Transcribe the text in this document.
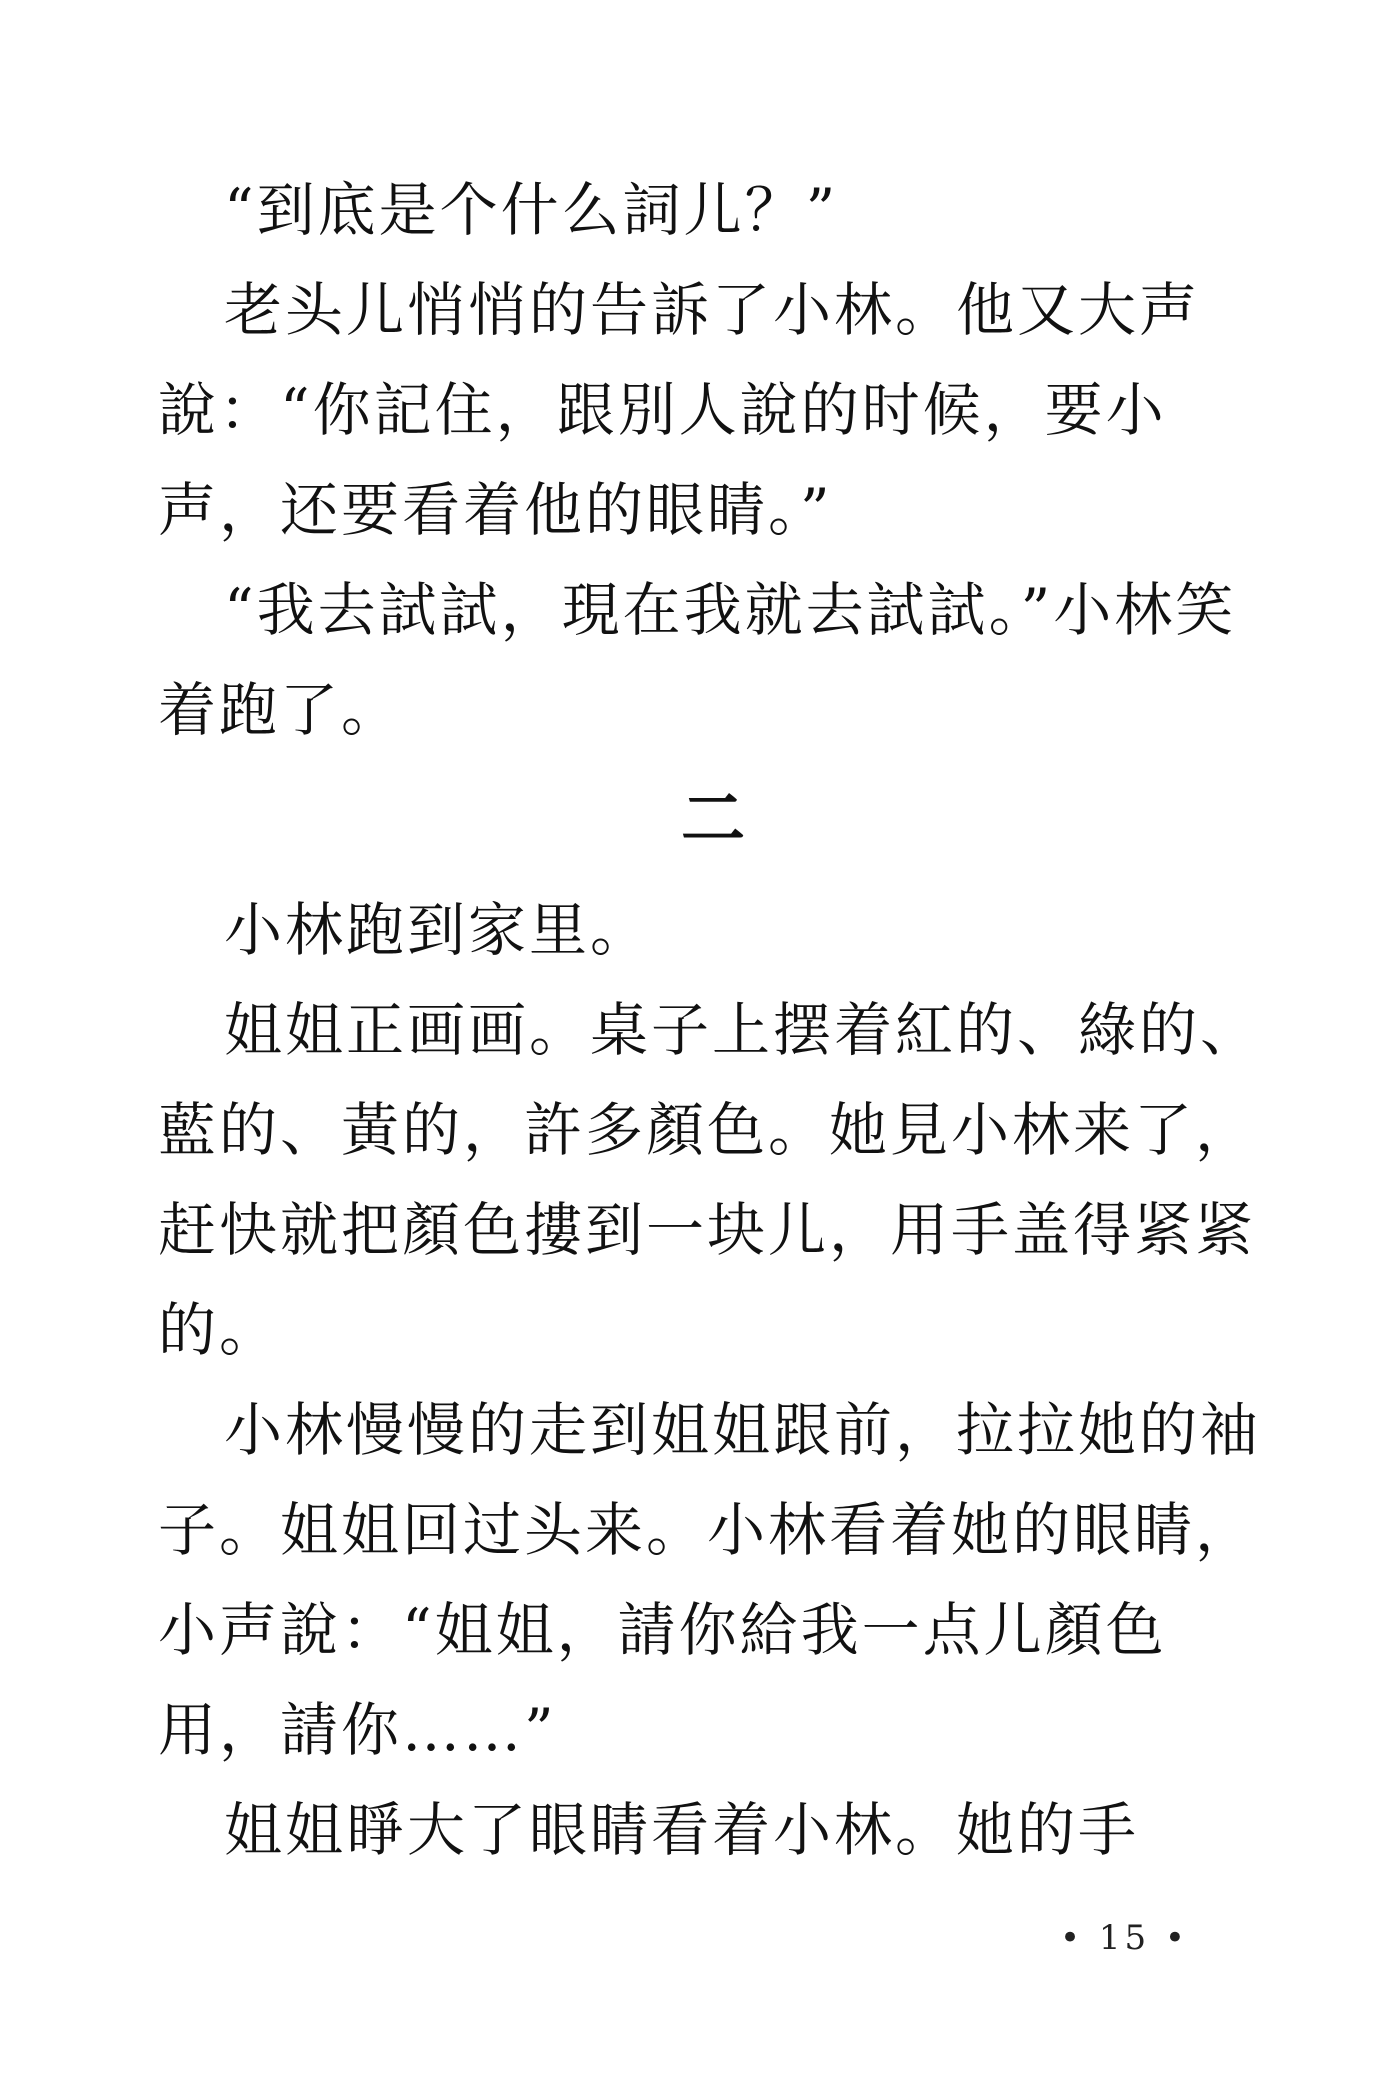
“到底是个什么詞儿？”

老头儿悄悄的告訴了小林。他又大声說：“你記住，跟別人說的时候，要小声，还要看着他的眼睛。”

“我去試試，現在我就去試試。”小林笑着跑了。

二

小林跑到家里。

姐姐正画画。桌子上摆着紅的、綠的、藍的、黃的，許多顏色。她見小林来了，赶快就把顏色摟到一块儿，用手盖得紧紧的。

小林慢慢的走到姐姐跟前，拉拉她的袖子。姐姐回过头来。小林看着她的眼睛，小声說：“姐姐，請你給我一点儿顏色用，請你……”

姐姐睜大了眼睛看着小林。她的手

• 15 •
